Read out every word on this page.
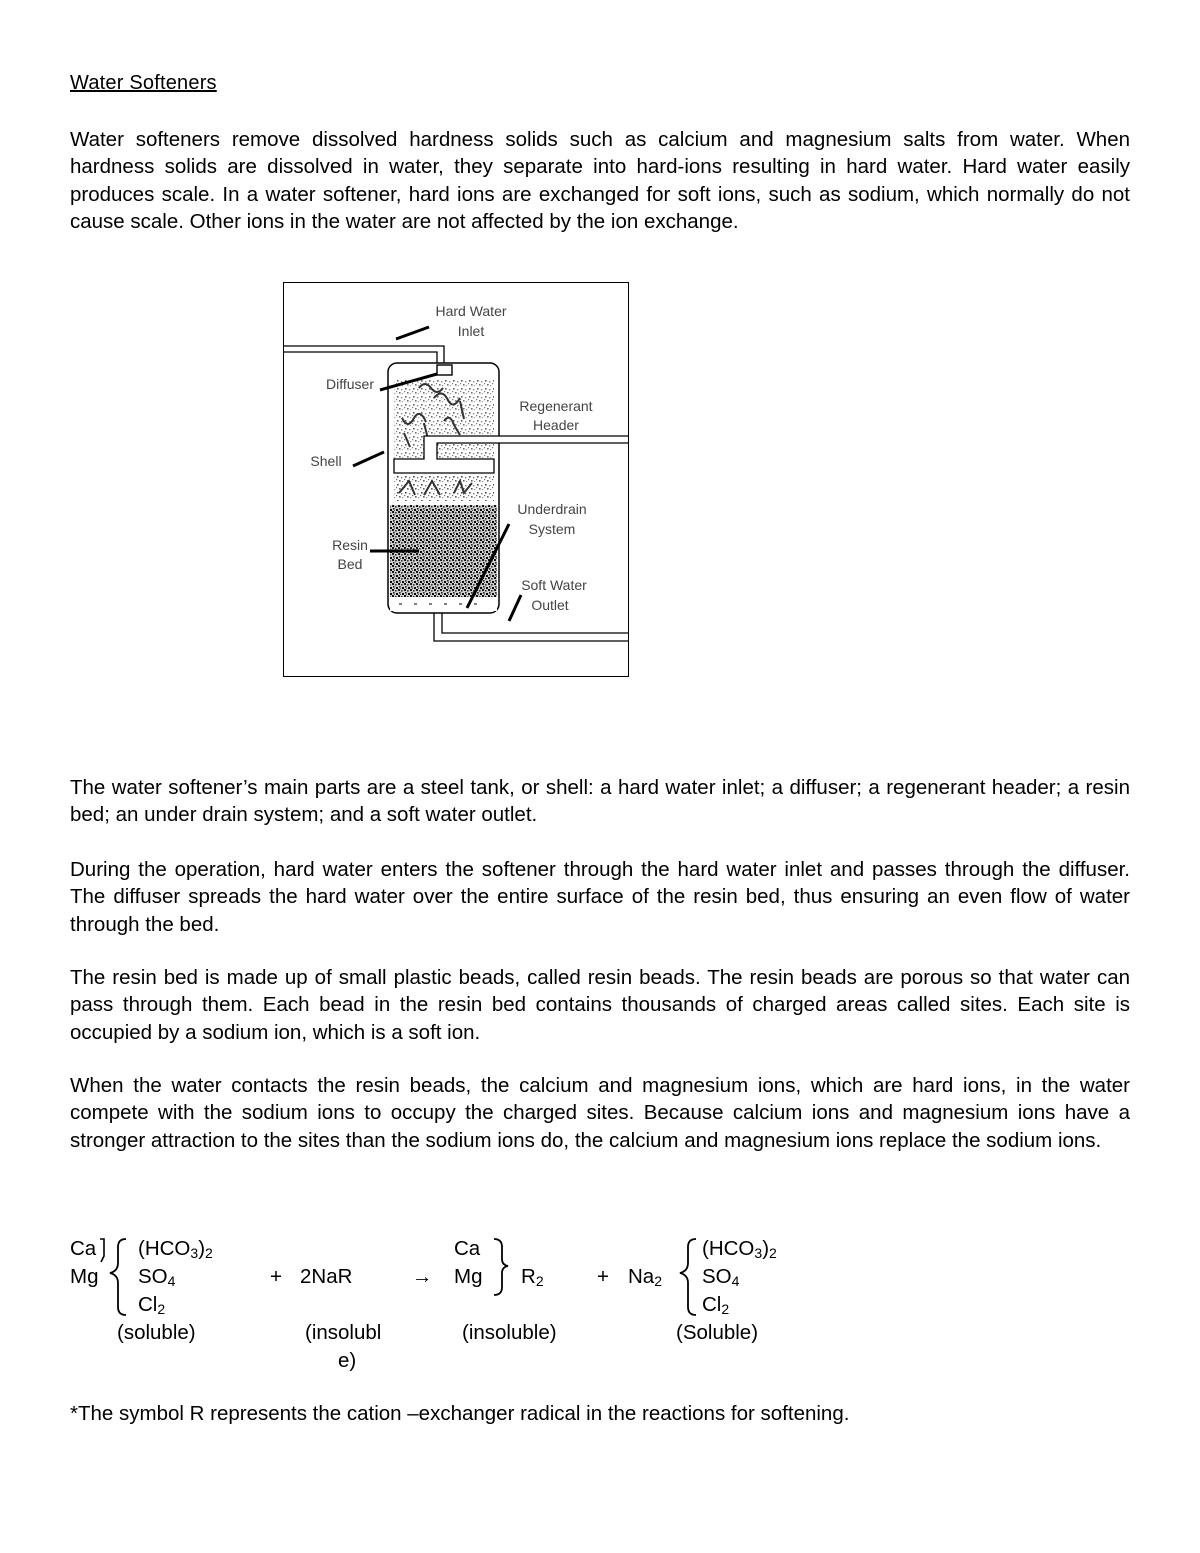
Water Softeners

Water softeners remove dissolved hardness solids such as calcium and magnesium salts from water. When hardness solids are dissolved in water, they separate into hard-ions resulting in hard water. Hard water easily produces scale. In a water softener, hard ions are exchanged for soft ions, such as sodium, which normally do not cause scale. Other ions in the water are not affected by the ion exchange.

Hard Water
Inlet
Diffuser
Regenerant
Header
Shell
Underdrain
System
Resin
Bed
Soft Water
Outlet

The water softener’s main parts are a steel tank, or shell: a hard water inlet; a diffuser; a regenerant header; a resin bed; an under drain system; and a soft water outlet.

During the operation, hard water enters the softener through the hard water inlet and passes through the diffuser. The diffuser spreads the hard water over the entire surface of the resin bed, thus ensuring an even flow of water through the bed.

The resin bed is made up of small plastic beads, called resin beads. The resin beads are porous so that water can pass through them. Each bead in the resin bed contains thousands of charged areas called sites. Each site is occupied by a sodium ion, which is a soft ion.

When the water contacts the resin beads, the calcium and magnesium ions, which are hard ions, in the water compete with the sodium ions to occupy the charged sites. Because calcium ions and magnesium ions have a stronger attraction to the sites than the sodium ions do, the calcium and magnesium ions replace the sodium ions.

Ca
Mg
$(HCO_3)_2$
$SO_4$
$Cl_2$
+ 2NaR	→
Ca
Mg $R_2$	+ $Na_2$
$(HCO_3)_2$
$SO_4$
$Cl_2$
(soluble)	(insolubl
e)
(insoluble)	(Soluble)

*The symbol R represents the cation –exchanger radical in the reactions for softening.
